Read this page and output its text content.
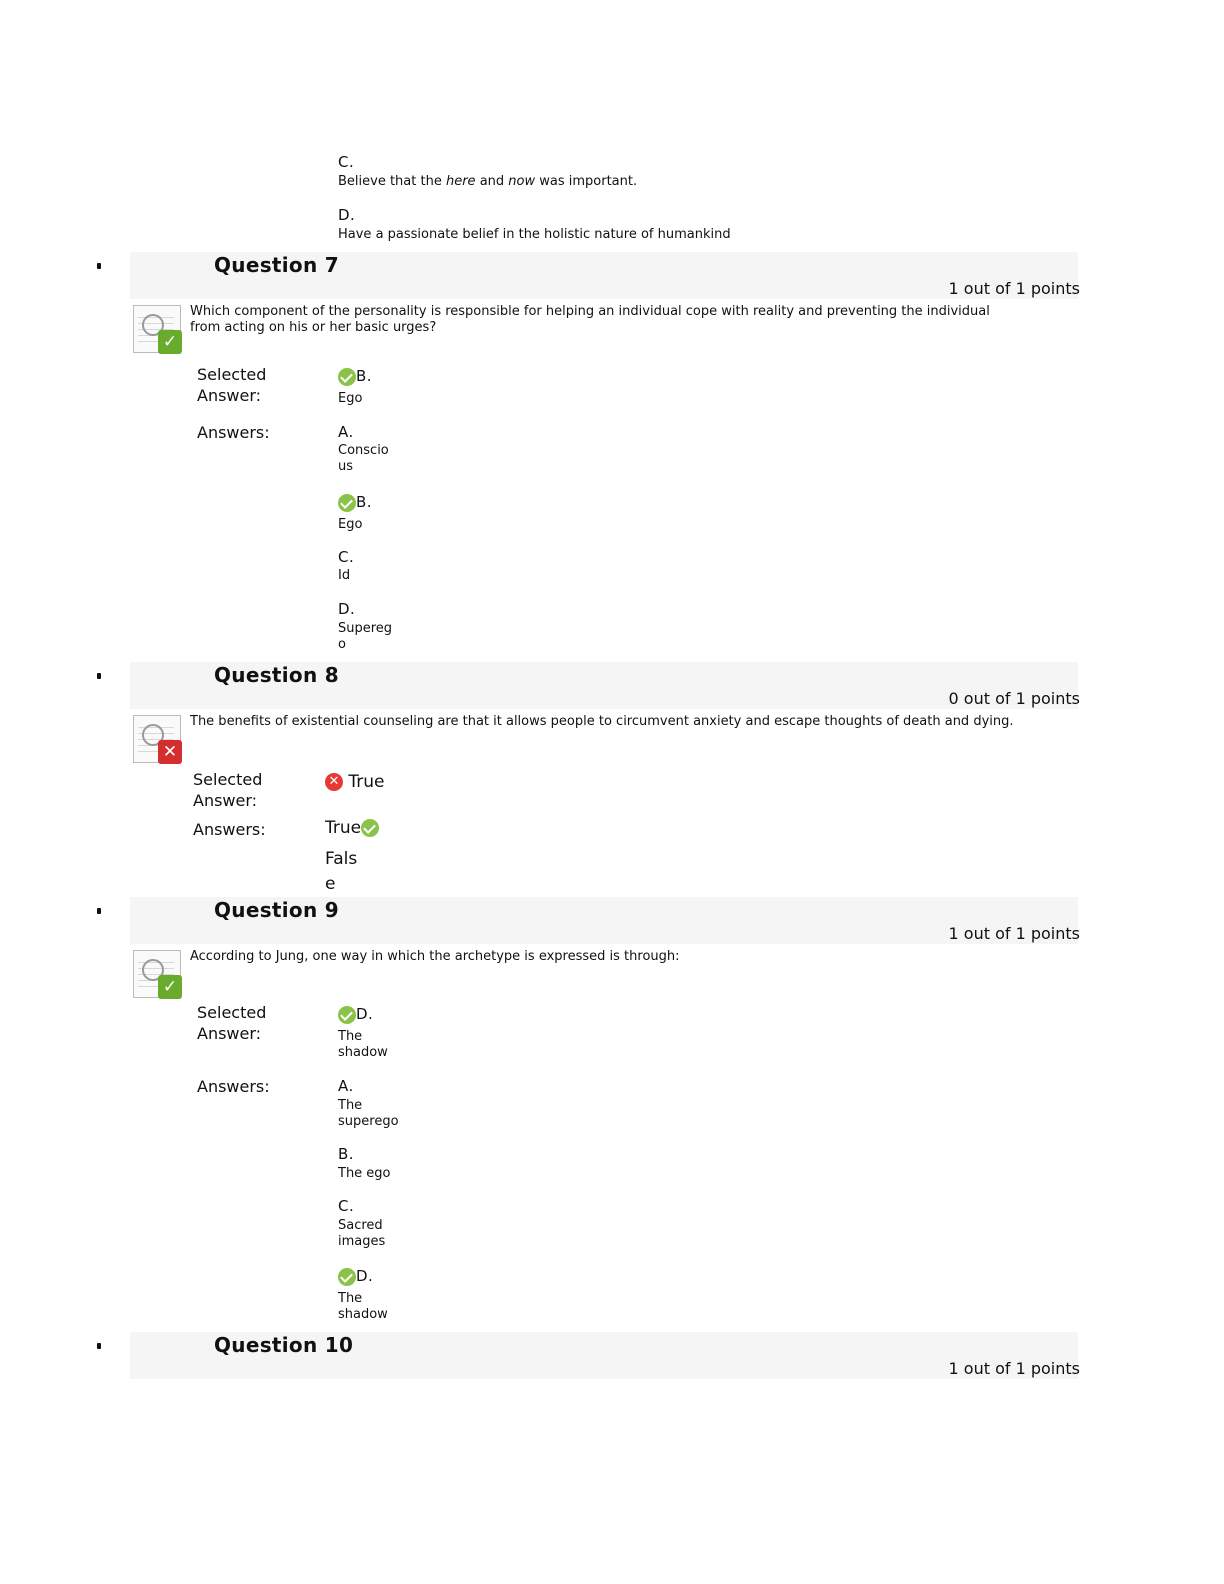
C.
Believe that the here and now was important.
D.
Have a passionate belief in the holistic nature of humankind
Question 7
1 out of 1 points
✓
Which component of the personality is responsible for helping an individual cope with reality and preventing the individual from acting on his or her basic urges?
Selected
Answer:
B.
Ego
Answers:	A.
Conscio
us
B.
Ego
C.
Id
D.
Supereg
o
Question 8
0 out of 1 points
✕
The benefits of existential counseling are that it allows people to circumvent anxiety and escape thoughts of death and dying.
Selected
Answer:
✕ True
Answers:	True
Fals
e
Question 9
1 out of 1 points
✓
According to Jung, one way in which the archetype is expressed is through:
Selected
Answer:
D.
The
shadow
Answers:	A.
The
superego
B.
The ego
C.
Sacred
images
D.
The
shadow
Question 10
1 out of 1 points
